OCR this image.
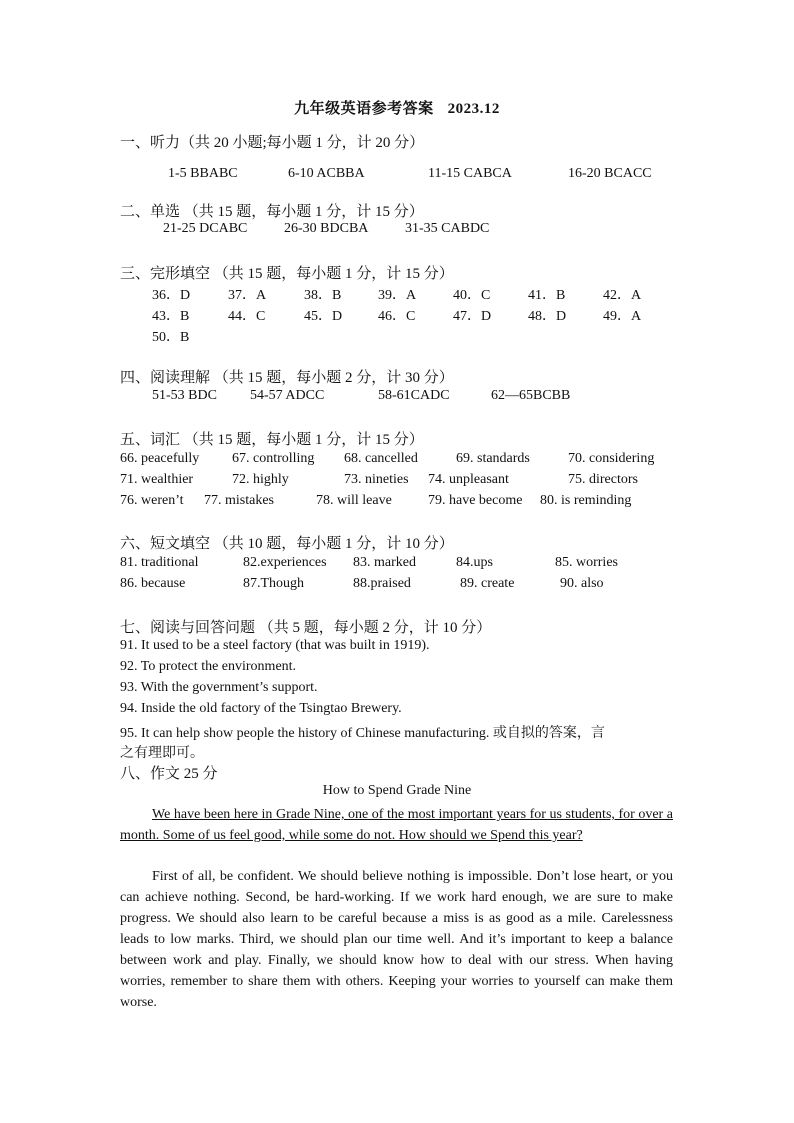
九年级英语参考答案 2023.12
一、听力（共 20 小题;每小题 1 分，计 20 分）
1-5 BBABC	6-10 ACBBA	11-15 CABCA	16-20 BCACC
二、单选 （共 15 题，每小题 1 分，计 15 分）
21-25 DCABC	26-30 BDCBA	31-35 CABDC
三、完形填空 （共 15 题，每小题 1 分，计 15 分）
36．D	37．A	38．B	39．A	40．C	41．B	42．A
43．B	44．C	45．D	46．C	47．D	48．D	49．A
50．B
四、阅读理解 （共 15 题，每小题 2 分，计 30 分）
51-53 BDC 54-57 ADCC	58-61CADC	62—65BCBB
五、词汇 （共 15 题，每小题 1 分，计 15 分）
66. peacefully 67. controlling 68. cancelled	69. standards	70. considering
71. wealthier	72. highly	73. nineties 74. unpleasant	75. directors
76. weren’t 77. mistakes	78. will leave	79. have become 80. is reminding
六、短文填空 （共 10 题，每小题 1 分，计 10 分）
81. traditional	82.experiences 83. marked	84.ups	85. worries
86. because	87.Though	88.praised	89. create	90. also
七、阅读与回答问题 （共 5 题，每小题 2 分，计 10 分）
91. It used to be a steel factory (that was built in 1919).
92. To protect the environment.
93. With the government’s support.
94. Inside the old factory of the Tsingtao Brewery.
95. It can help show people the history of Chinese manufacturing. 或自拟的答案，言
之有理即可。
八、作文 25 分
How to Spend Grade Nine
We have been here in Grade Nine, one of the most important years for us students, for over a month. Some of us feel good, while some do not. How should we Spend this year?
First of all, be confident. We should believe nothing is impossible. Don’t lose heart, or you can achieve nothing. Second, be hard-working. If we work hard enough, we are sure to make progress. We should also learn to be careful because a miss is as good as a mile. Carelessness leads to low marks. Third, we should plan our time well. And it’s important to keep a balance between work and play. Finally, we should know how to deal with our stress. When having worries, remember to share them with others. Keeping your worries to yourself can make them worse.
